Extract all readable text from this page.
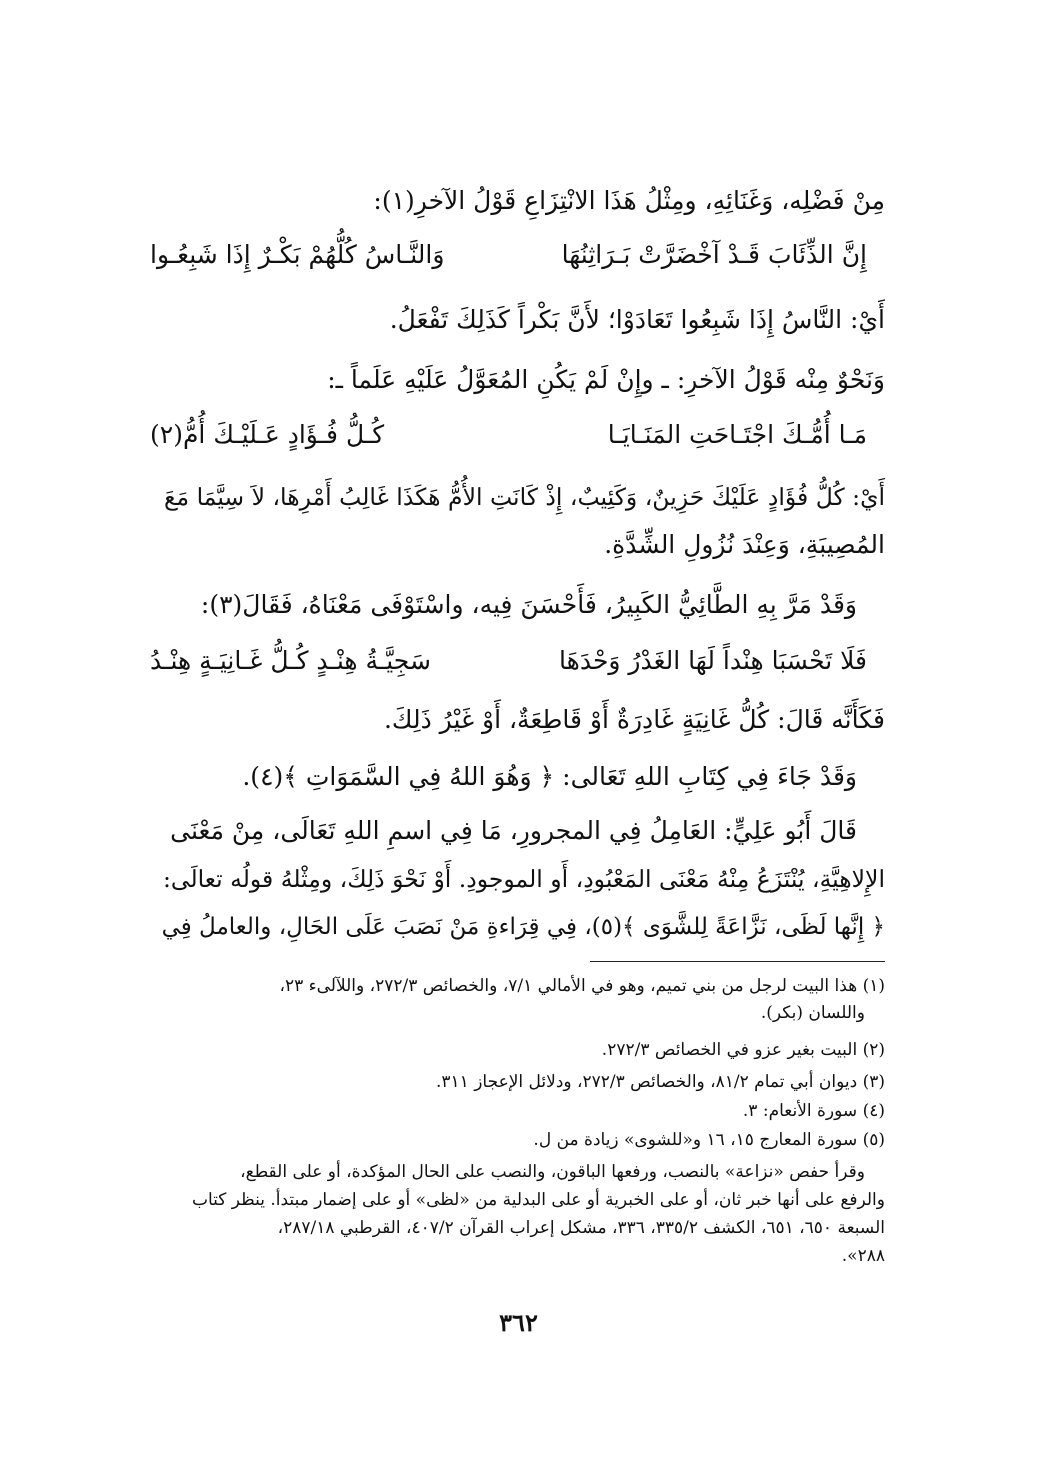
مِنْ فَضْلِه، وَغَنَائِهِ، ومِثْلُ هَذَا الانْتِزَاعِ قَوْلُ الآخرِ(١):
إِنَّ الذِّئَابَ قَـدْ آخْضَرَّتْ بَـرَاثِنُهَا
وَالنَّـاسُ كُلُّهُمْ بَكْـرٌ إِذَا شَبِعُـوا
أَيْ: النَّاسُ إِذَا شَبِعُوا تَعَادَوْا؛ لأَنَّ بَكْراً كَذَلِكَ تَفْعَلُ.
وَنَحْوٌ مِنْه قَوْلُ الآخرِ: ـ وإِنْ لَمْ يَكُنِ المُعَوَّلُ عَلَيْهِ عَلَماً ـ:
مَـا أُمُّـكَ اجْتَـاحَتِ المَنَـايَـا
كُـلُّ فُـؤَادٍ عَـلَيْـكَ أُمُّ(٢)
أَيْ: كُلُّ فُؤَادٍ عَلَيْكَ حَزِينٌ، وَكَئِيبٌ، إِذْ كَانَتِ الأُمُّ هَكَذَا غَالِبُ أَمْرِهَا، لاَ سِيَّمَا مَعَ
المُصِيبَةِ، وَعِنْدَ نُزُولِ الشِّدَّةِ.
وَقَدْ مَرَّ بِهِ الطَّائِيُّ الكَبِيرُ، فَأَحْسَنَ فِيه، واسْتَوْفَى مَعْنَاهُ، فَقَالَ(٣):
فَلَا تَحْسَبَا هِنْداً لَهَا الغَدْرُ وَحْدَهَا
سَجِيَّـةُ هِنْـدٍ كُـلُّ غَـانِيَـةٍ هِنْـدُ
فَكَأَنَّه قَالَ: كُلُّ غَانِيَةٍ غَادِرَةٌ أَوْ قَاطِعَةٌ، أَوْ غَيْرُ ذَلِكَ.
وَقَدْ جَاءَ فِي كِتَابِ اللهِ تَعَالى: ﴿ وَهُوَ اللهُ فِي السَّمَوَاتِ ﴾(٤).
قَالَ أَبُو عَلِيٍّ: العَامِلُ فِي المجرورِ، مَا فِي اسمِ اللهِ تَعَالَى، مِنْ مَعْنَى
الإِلاهِيَّةِ، يُنْتَزَعُ مِنْهُ مَعْنَى المَعْبُودِ، أَو الموجودِ. أَوْ نَحْوَ ذَلِكَ، ومِثْلهُ قولُه تعالَى:
﴿ إِنَّها لَظَى، نَزَّاعَةً لِلشَّوَى ﴾(٥)، فِي قِرَاءةِ مَنْ نَصَبَ عَلَى الحَالِ، والعاملُ فِي
(١) هذا البيت لرجل من بني تميم، وهو في الأمالي ٧/١، والخصائص ٢٧٢/٣، واللآلىء ٢٣،
واللسان (بكر).
(٢) البيت بغير عزو في الخصائص ٢٧٢/٣.
(٣) ديوان أبي تمام ٨١/٢، والخصائص ٢٧٢/٣، ودلائل الإعجاز ٣١١.
(٤) سورة الأنعام: ٣.
(٥) سورة المعارج ١٥، ١٦ و«للشوى» زيادة من ل.
وقرأ حفص «نزاعة» بالنصب، ورفعها الباقون، والنصب على الحال المؤكدة، أو على القطع،
والرفع على أنها خبر ثان، أو على الخبرية أو على البدلية من «لظى» أو على إضمار مبتدأ. ينظر كتاب
السبعة ٦٥٠، ٦٥١، الكشف ٣٣٥/٢، ٣٣٦، مشكل إعراب القرآن ٤٠٧/٢، القرطبي ٢٨٧/١٨،
٢٨٨».
٣٦٢
